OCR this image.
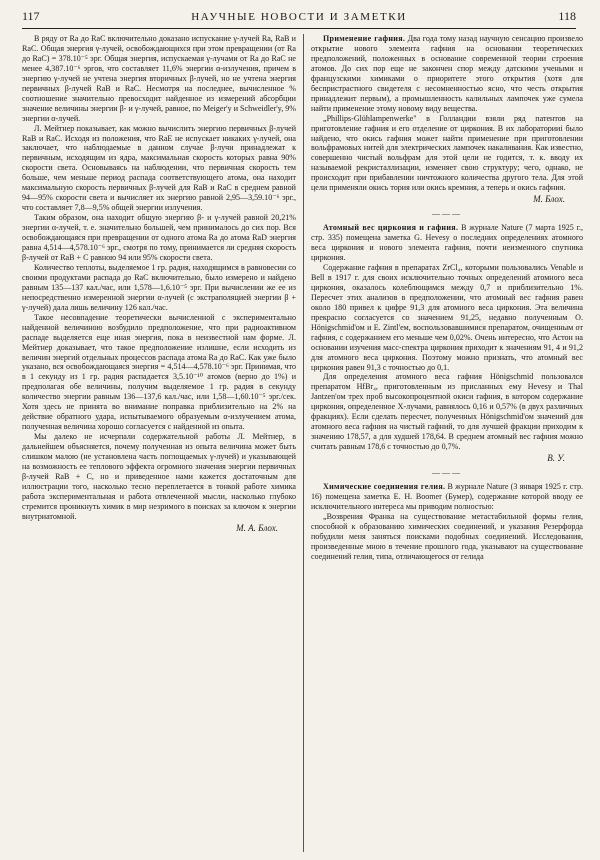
117	НАУЧНЫЕ НОВОСТИ И ЗАМЕТКИ	118

В ряду от Ra до RaC включительно доказано испускание γ-лучей Ra, RaB и RaC. Общая энергия γ-лучей, освобождающихся при этом превращении (от Ra до RaC) = 378.10⁻⁵ эрг. Общая энергия, испускаемая γ-лучами от Ra до RaC не менее 4,387.10⁻⁶ эргов, что составляет 11,6% энергии α-излучения, причем в энергию γ-лучей не учтена энергия вторичных β-лучей, но не учтена энергия первичных β-лучей RaB и RaC. Несмотря на последнее, вычисленное % соотношение значительно превосходит найденное из измерений абсорбции значение величины энергии β- и γ-лучей, равное, по Meiger'y и Schweidler'y, 9% энергии α-лучей.

Л. Мейтнер показывает, как можно вычислить энергию первичных β-лучей RaB и RaC. Исходя из положения, что RaE не испускает никаких γ-лучей, она заключает, что наблюдаемые в данном случае β-лучи принадлежат к первичным, исходящим из ядра, максимальная скорость которых равна 90% скорости света. Основываясь на наблюдении, что первичная скорость тем больше, чем меньше период распада соответствующего атома, она находит максимальную скорость первичных β-лучей для RaB и RaC в среднем равной 94—95% скорости света и вычисляет их энергию равной 2,95—3,59.10⁻⁶ эрг., что составляет 7,8—9,5% общей энергии излучения.

Таким образом, она находит общую энергию β- и γ-лучей равной 20,21% энергии α-лучей, т. е. значительно большей, чем принималось до сих пор. Вся освобождающаяся при превращении от одного атома Ra до атома RaD энергия равна 4,514—4,578.10⁻⁶ эрг., смотря по тому, принимается ли средняя скорость β-лучей от RaB + C равною 94 или 95% скорости света.

Количество теплоты, выделяемое 1 гр. радия, находящимся в равновесии со своими продуктами распада до RaC включительно, было измерено и найдено равным 135—137 кал./час, или 1,578—1,6.10⁻⁵ эрг. При вычислении же ее из непосредственно измеренной энергии α-лучей (с экстраполяцией энергии β + γ-лучей) дала лишь величину 126 кал./час.

Такое несовпадение теоретически вычисленной с экспериментально найденной величиною возбудило предположение, что при радиоактивном распаде выделяется еще иная энергия, пока в неизвестной нам форме. Л. Мейтнер доказывает, что такое предположение излишне, если исходить из величин энергий отдельных процессов распада атома Ra до RaC. Как уже было указано, вся освобождающаяся энергия = 4,514—4,578.10⁻⁶ эрг. Принимая, что в 1 секунду из 1 гр. радия распадается 3,5.10⁻¹⁰ атомов (верно до 1%) и предполагая обе величины, получим выделяемое 1 гр. радия в секунду количество энергии равным 136—137,6 кал./час, или 1,58—1,60.10⁻⁵ эрг./сек. Хотя здесь не принята во внимание поправка приблизительно на 2% на действие обратного удара, испытываемого образуемым α-излучением атома, полученная величина хорошо согласуется с найденной из опыта.

Мы далеко не исчерпали содержательной работы Л. Мейтнер, в дальнейшем объясняется, почему полученная из опыта величина может быть слишком малою (не установлена часть поглощаемых γ-лучей) и указывающей на возможность ее теплового эффекта огромного значения энергии первичных β-лучей RaB + C, но и приведенное нами кажется достаточным для иллюстрации того, насколько тесно переплетается в тонкой работе химика работа экспериментальная и работа отвлеченной мысли, насколько глубоко стремится проникнуть химик в мир незримого в поисках за ключом к энергии внутриатомной.

М. А. Блох.

Применение гафния. Два года тому назад научную сенсацию произвело открытие нового элемента гафния на основании теоретических предположений, положенных в основание современной теории строения атомов. До сих пор еще не закончен спор между датскими учеными и французскими химиками о приоритете этого открытия (хотя для беспристрастного свидетеля с несомненностью ясно, что честь открытия принадлежит первым), а промышленность калильных лампочек уже сумела найти применение этому новому виду вещества.

„Phillips-Glühlampenwerke" в Голландии взяли ряд патентов на приготовление гафния и его отделение от циркония. В их лабораторииі было найдено, что окись гафния может найти применение при приготовлении вольфрамовых нитей для электрических лампочек накаливания. Как известно, совершенно чистый вольфрам для этой цели не годится, т. к. вводу их называемой рекристаллизации, изменяет свою структуру; чего, однако, не происходит при прибавлении ничтожного количества другого тела. Для этой цели применяли окись тория или окись кремния, а теперь и окись гафния.

М. Блох.
———

Атомный вес циркония и гафния. В журнале Nature (7 марта 1925 г., стр. 335) помещена заметка G. Hevesy о последних определениях атомного веса циркония и нового элемента гафния, почти неизменного спутника циркония.

Содержание гафния в препаратах ZrCl₄, которыми пользовались Venable и Bell в 1917 г. для своих исключительно точных определений атомного веса циркония, оказалось колеблющимся между 0,7 и приблизительно 1%. Пересчет этих анализов в предположении, что атомный вес гафния равен около 180 привел к цифре 91,3 для атомного веса циркония. Эта величина прекрасно согласуется со значением 91,25, недавно полученным О. Hönigschmid'ом и E. Zintl'ем, воспользовавшимися препаратом, очищенным от гафния, с содержанием его меньше чем 0,02%. Очень интересно, что Астон на основании изучения масс-спектра циркония приходит к значениям 91, 4 и 91,2 для атомного веса циркония. Поэтому можно признать, что атомный вес циркония равен 91,3 с точностью до 0,1.

Для определения атомного веса гафния Hönigschmid пользовался препаратом HfBr₄, приготовленным из присланных ему Hevesy и Thal Jantzen'ом трех проб высокопроцентной окиси гафния, в котором содержание циркония, определенное X-лучами, равнялось 0,16 и 0,57% (в двух различных фракциях). Если сделать пересчет, полученных Hönigschmid'ом значений для атомного веса гафния на чистый гафний, то для лучшей фракции приходим к значению 178,57, а для худшей 178,64. В среднем атомный вес гафния можно считать равным 178,6 с точностью до 0,7%.

В. У.
———

Химические соединения гелия. В журнале Nature (3 января 1925 г. стр. 16) помещена заметка E. H. Boomer (Бумер), содержание которой вводу ее исключительного интереса мы приводим полностью:

„Возврения Франка на существование метастабильной формы гелия, способной к образованию химических соединений, и указания Резерфорда побудили меня заняться поисками подобных соединений. Исследования, произведенные мною в течение прошлого года, указывают на существование соединений гелия, типа, отличающегося от гелида
